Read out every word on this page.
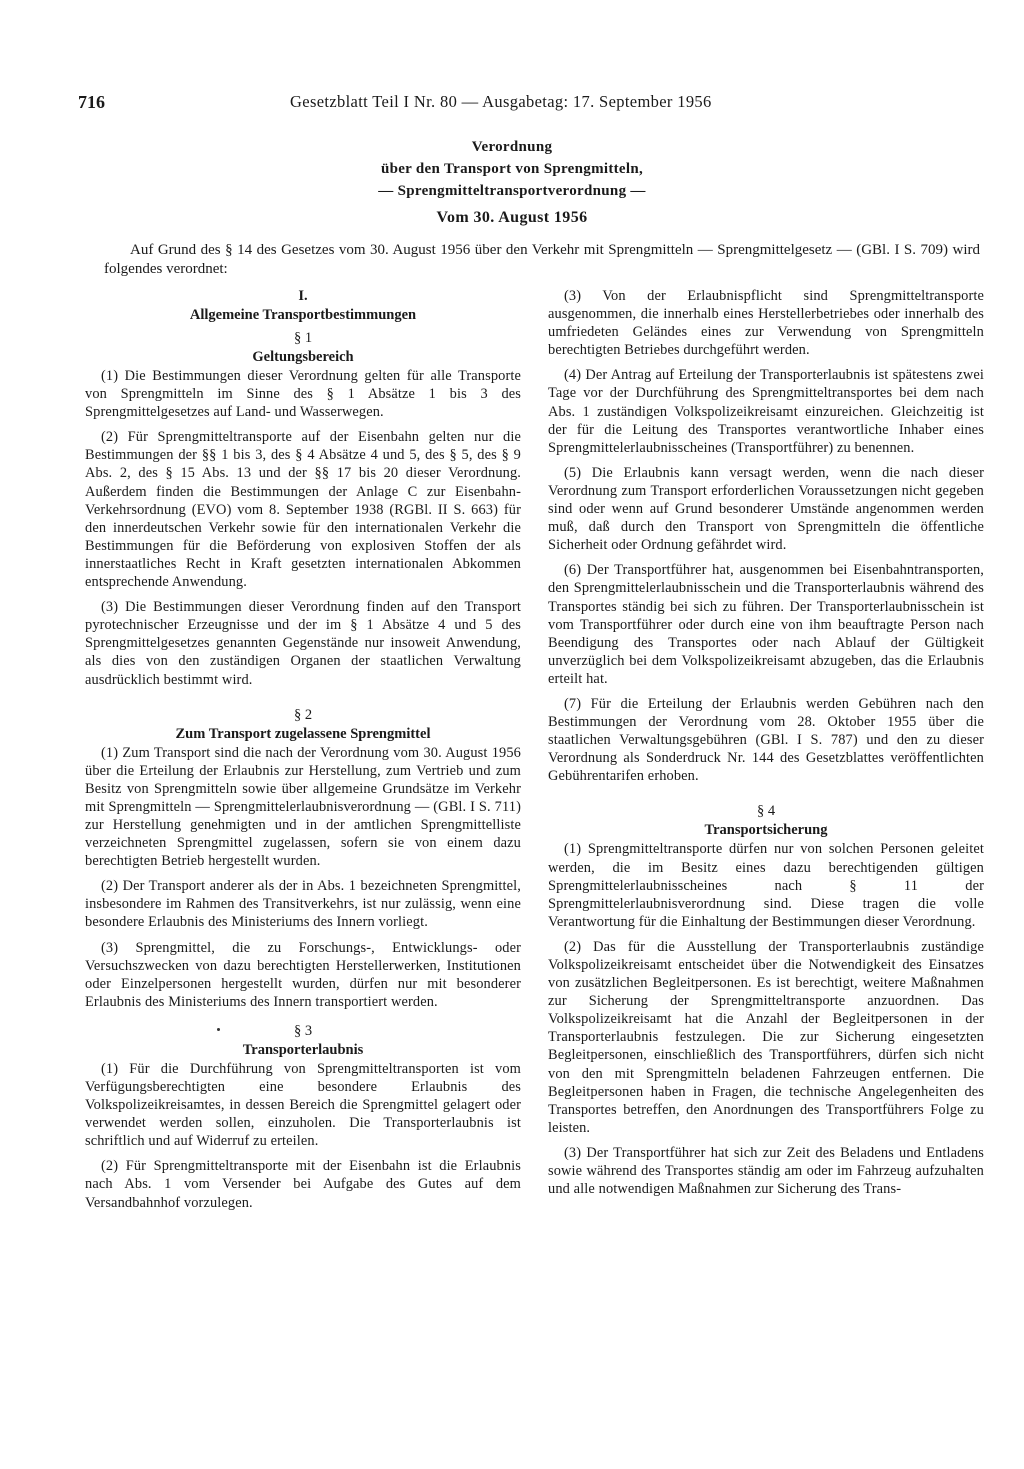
716	Gesetzblatt Teil I Nr. 80 — Ausgabetag: 17. September 1956
Verordnung
über den Transport von Sprengmitteln,
— Sprengmitteltransportverordnung —
Vom 30. August 1956

Auf Grund des § 14 des Gesetzes vom 30. August 1956 über den Verkehr mit Sprengmitteln — Sprengmittelgesetz — (GBl. I S. 709) wird folgendes verordnet:

I.
Allgemeine Transportbestimmungen
§ 1
Geltungsbereich

(1) Die Bestimmungen dieser Verordnung gelten für alle Transporte von Sprengmitteln im Sinne des § 1 Absätze 1 bis 3 des Sprengmittelgesetzes auf Land- und Wasserwegen.

(2) Für Sprengmitteltransporte auf der Eisenbahn gelten nur die Bestimmungen der §§ 1 bis 3, des § 4 Absätze 4 und 5, des § 5, des § 9 Abs. 2, des § 15 Abs. 13 und der §§ 17 bis 20 dieser Verordnung. Außerdem finden die Bestimmungen der Anlage C zur Eisenbahn-Verkehrsordnung (EVO) vom 8. September 1938 (RGBl. II S. 663) für den innerdeutschen Verkehr sowie für den internationalen Verkehr die Bestimmungen für die Beförderung von explosiven Stoffen der als innerstaatliches Recht in Kraft gesetzten internationalen Abkommen entsprechende Anwendung.

(3) Die Bestimmungen dieser Verordnung finden auf den Transport pyrotechnischer Erzeugnisse und der im § 1 Absätze 4 und 5 des Sprengmittelgesetzes genannten Gegenstände nur insoweit Anwendung, als dies von den zuständigen Organen der staatlichen Verwaltung ausdrücklich bestimmt wird.

§ 2
Zum Transport zugelassene Sprengmittel

(1) Zum Transport sind die nach der Verordnung vom 30. August 1956 über die Erteilung der Erlaubnis zur Herstellung, zum Vertrieb und zum Besitz von Sprengmitteln sowie über allgemeine Grundsätze im Verkehr mit Sprengmitteln — Sprengmittelerlaubnisverordnung — (GBl. I S. 711) zur Herstellung genehmigten und in der amtlichen Sprengmittelliste verzeichneten Sprengmittel zugelassen, sofern sie von einem dazu berechtigten Betrieb hergestellt wurden.

(2) Der Transport anderer als der in Abs. 1 bezeichneten Sprengmittel, insbesondere im Rahmen des Transitverkehrs, ist nur zulässig, wenn eine besondere Erlaubnis des Ministeriums des Innern vorliegt.

(3) Sprengmittel, die zu Forschungs-, Entwicklungs- oder Versuchszwecken von dazu berechtigten Herstellerwerken, Institutionen oder Einzelpersonen hergestellt wurden, dürfen nur mit besonderer Erlaubnis des Ministeriums des Innern transportiert werden.

§ 3
Transporterlaubnis

(1) Für die Durchführung von Sprengmitteltransporten ist vom Verfügungsberechtigten eine besondere Erlaubnis des Volkspolizeikreisamtes, in dessen Bereich die Sprengmittel gelagert oder verwendet werden sollen, einzuholen. Die Transporterlaubnis ist schriftlich und auf Widerruf zu erteilen.

(2) Für Sprengmitteltransporte mit der Eisenbahn ist die Erlaubnis nach Abs. 1 vom Versender bei Aufgabe des Gutes auf dem Versandbahnhof vorzulegen.

(3) Von der Erlaubnispflicht sind Sprengmitteltransporte ausgenommen, die innerhalb eines Herstellerbetriebes oder innerhalb des umfriedeten Geländes eines zur Verwendung von Sprengmitteln berechtigten Betriebes durchgeführt werden.

(4) Der Antrag auf Erteilung der Transporterlaubnis ist spätestens zwei Tage vor der Durchführung des Sprengmitteltransportes bei dem nach Abs. 1 zuständigen Volkspolizeikreisamt einzureichen. Gleichzeitig ist der für die Leitung des Transportes verantwortliche Inhaber eines Sprengmittelerlaubnisscheines (Transportführer) zu benennen.

(5) Die Erlaubnis kann versagt werden, wenn die nach dieser Verordnung zum Transport erforderlichen Voraussetzungen nicht gegeben sind oder wenn auf Grund besonderer Umstände angenommen werden muß, daß durch den Transport von Sprengmitteln die öffentliche Sicherheit oder Ordnung gefährdet wird.

(6) Der Transportführer hat, ausgenommen bei Eisenbahntransporten, den Sprengmittelerlaubnisschein und die Transporterlaubnis während des Transportes ständig bei sich zu führen. Der Transporterlaubnisschein ist vom Transportführer oder durch eine von ihm beauftragte Person nach Beendigung des Transportes oder nach Ablauf der Gültigkeit unverzüglich bei dem Volkspolizeikreisamt abzugeben, das die Erlaubnis erteilt hat.

(7) Für die Erteilung der Erlaubnis werden Gebühren nach den Bestimmungen der Verordnung vom 28. Oktober 1955 über die staatlichen Verwaltungsgebühren (GBl. I S. 787) und den zu dieser Verordnung als Sonderdruck Nr. 144 des Gesetzblattes veröffentlichten Gebührentarifen erhoben.

§ 4
Transportsicherung

(1) Sprengmitteltransporte dürfen nur von solchen Personen geleitet werden, die im Besitz eines dazu berechtigenden gültigen Sprengmittelerlaubnisscheines nach § 11 der Sprengmittelerlaubnisverordnung sind. Diese tragen die volle Verantwortung für die Einhaltung der Bestimmungen dieser Verordnung.

(2) Das für die Ausstellung der Transporterlaubnis zuständige Volkspolizeikreisamt entscheidet über die Notwendigkeit des Einsatzes von zusätzlichen Begleitpersonen. Es ist berechtigt, weitere Maßnahmen zur Sicherung der Sprengmitteltransporte anzuordnen. Das Volkspolizeikreisamt hat die Anzahl der Begleitpersonen in der Transporterlaubnis festzulegen. Die zur Sicherung eingesetzten Begleitpersonen, einschließlich des Transportführers, dürfen sich nicht von den mit Sprengmitteln beladenen Fahrzeugen entfernen. Die Begleitpersonen haben in Fragen, die technische Angelegenheiten des Transportes betreffen, den Anordnungen des Transportführers Folge zu leisten.

(3) Der Transportführer hat sich zur Zeit des Beladens und Entladens sowie während des Transportes ständig am oder im Fahrzeug aufzuhalten und alle notwendigen Maßnahmen zur Sicherung des Trans-
